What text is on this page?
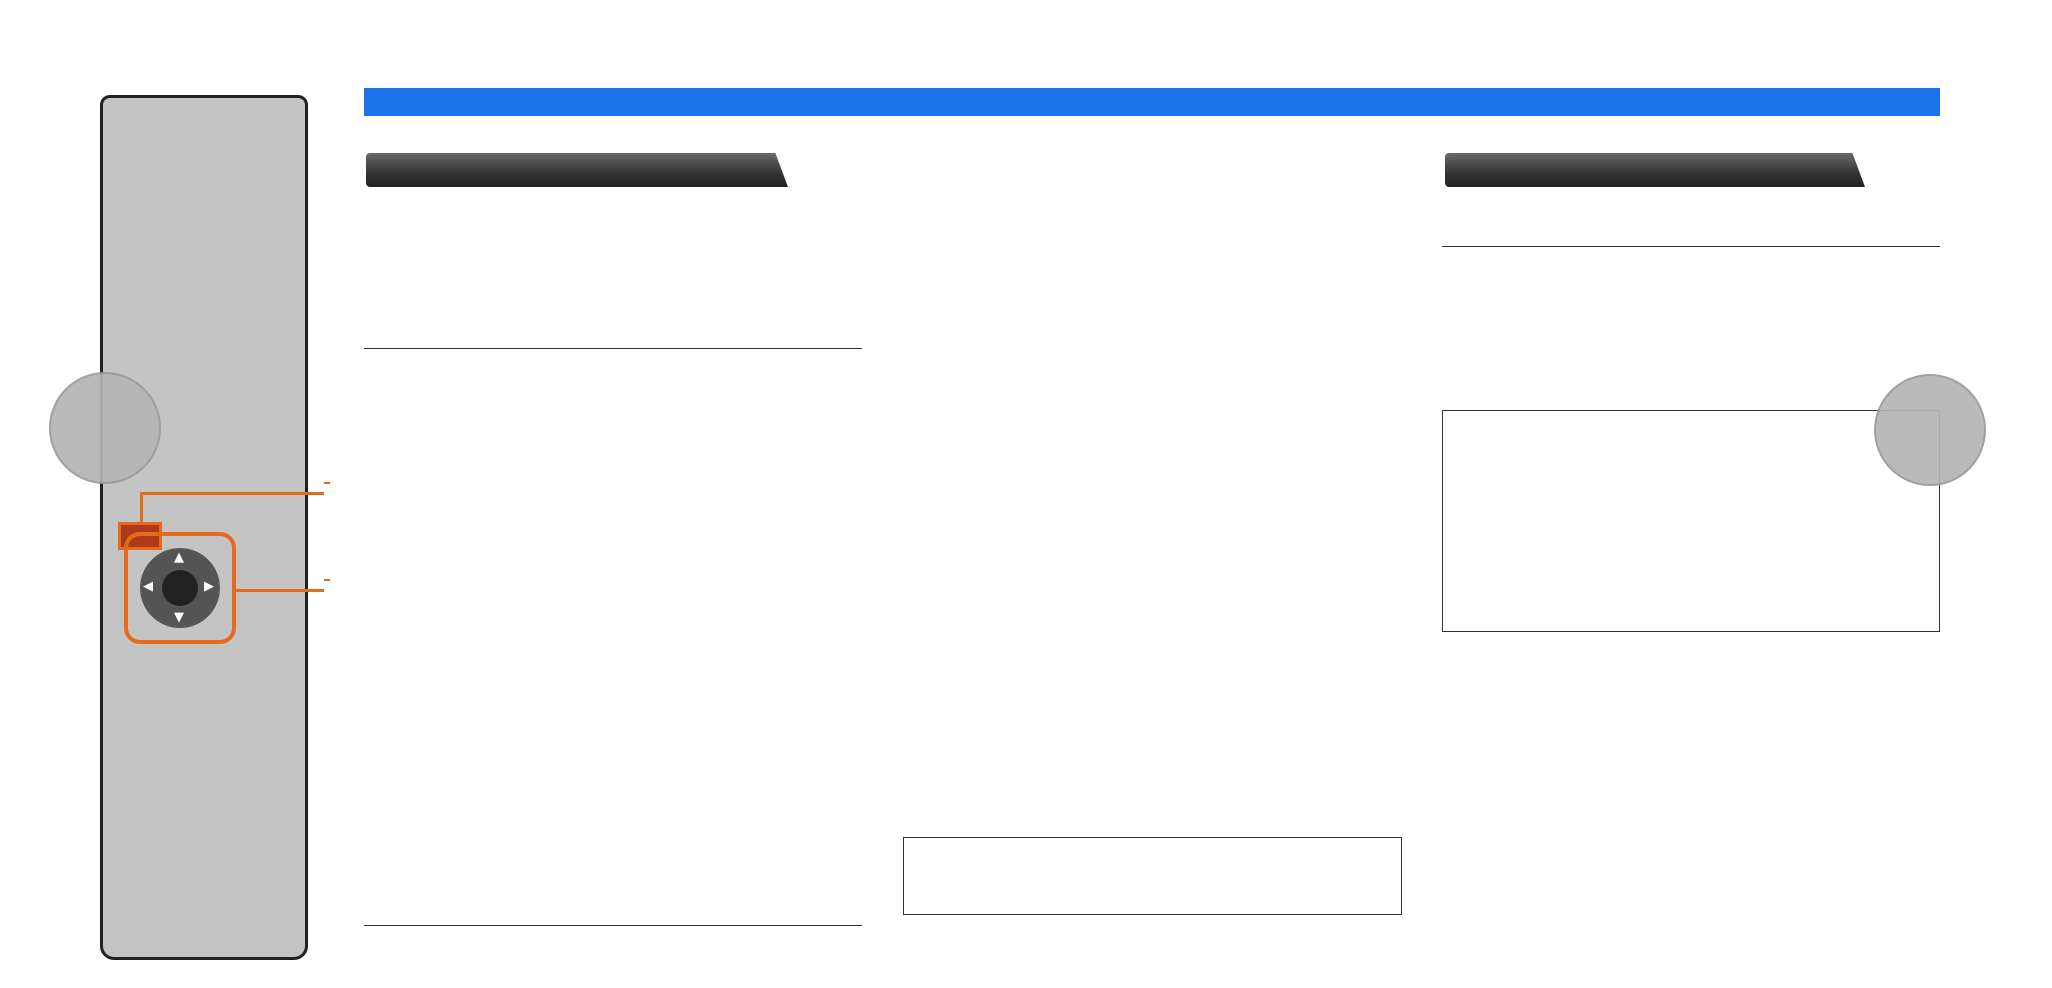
▲
▼
◀	▶
